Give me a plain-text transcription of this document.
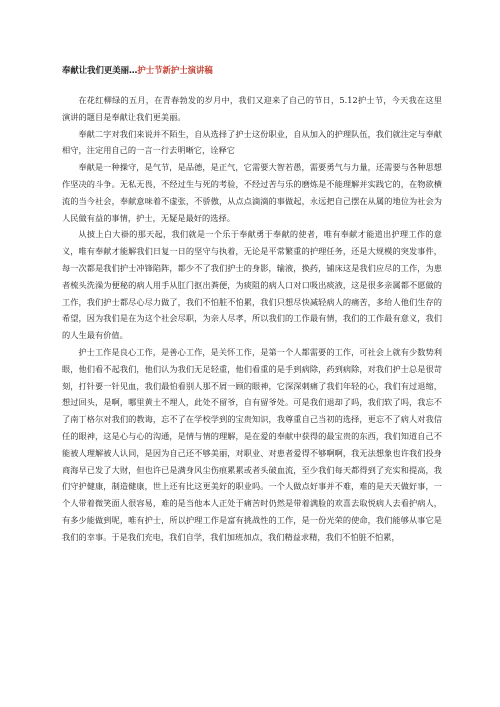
奉献让我们更美丽…护士节新护士演讲稿

在花红柳绿的五月，在青春勃发的岁月中，我们又迎来了自己的节日，5.12护士节，今天我在这里演讲的题目是奉献让我们更美丽。

奉献二字对我们来说并不陌生，自从选择了护士这份职业，自从加入的护理队伍，我们就注定与奉献相守，注定用自己的一言一行去明晰它，诠释它

奉献是一种操守，是气节，是品德，是正气，它需要大智若愚，需要勇气与力量，还需要与各种思想作坚决的斗争。无私无畏，不经过生与死的考验，不经过苦与乐的磨炼是不能理解并实践它的，在物欲横流的当今社会，奉献意味着不虚张，不骄傲，从点点滴滴的事做起，永远把自己摆在从属的地位为社会为人民做有益的事情，护士，无疑是最好的选择。

从披上白大褂的那天起，我们就是一个乐于奉献勇于奉献的使者，唯有奉献才能道出护理工作的意义，唯有奉献才能解我们日复一日的坚守与执着，无论是平常繁重的护理任务，还是大规模的突发事件，每一次都是我们护士冲锋陷阵，都少不了我们护士的身影，输液，换药，铺床这是我们应尽的工作，为患者梳头洗澡为便秘的病人用手从肛门抠出粪便，为痰阻的病人口对口吸出痰液，这是很多亲属都不愿做的工作，我们护士都尽心尽力做了，我们不怕脏不怕累，我们只想尽快减轻病人的痛苦，多给人他们生存的希望，因为我们是在为这个社会尽职，为亲人尽孝，所以我们的工作最有情，我们的工作最有意义，我们的人生最有价值。

护士工作是良心工作，是善心工作，是关怀工作，是第一个人都需要的工作，可社会上就有少数势利眼，他们看不起我们，他们认为我们无足轻重，他们看重的是手到病除，药到病除，对我们护士总是很苛刻，打针要一针见血，我们最怕看别人那不屑一顾的眼神，它深深刺痛了我们年轻的心，我们有过退缩，想过回头，是啊，哪里黄土不埋人，此处不留爷，自有留爷处。可是我们退却了吗，我们软了吗，我忘不了南丁格尔对我们的教诲，忘不了在学校学到的宝贵知识，我尊重自己当初的选择，更忘不了病人对我信任的眼神，这是心与心的沟通，是情与情的理解，是在爱的奉献中获得的最宝贵的东西，我们知道自己不能被人理解被人认同，是因为自己还不够美丽，对职业、对患者爱得不够啊啊，我无法想象也许我们投身商海早已发了大财，但也许已是满身风尘伤痕累累或者头破血流，至少我们每天都得到了充实和提高，我们守护健康，制造健康，世上还有比这更美好的职业吗。一个人做点好事并不难，难的是天天做好事，一个人带着微笑面人很容易，难的是当他本人正处于痛苦时仍然是带着满脸的欢喜去取悦病人去看护病人，有多少能做到呢，唯有护士，所以护理工作是富有挑战性的工作，是一份光荣的使命，我们能够从事它是我们的幸事。于是我们充电，我们自学，我们加班加点，我们精益求精，我们不怕脏不怕累，
